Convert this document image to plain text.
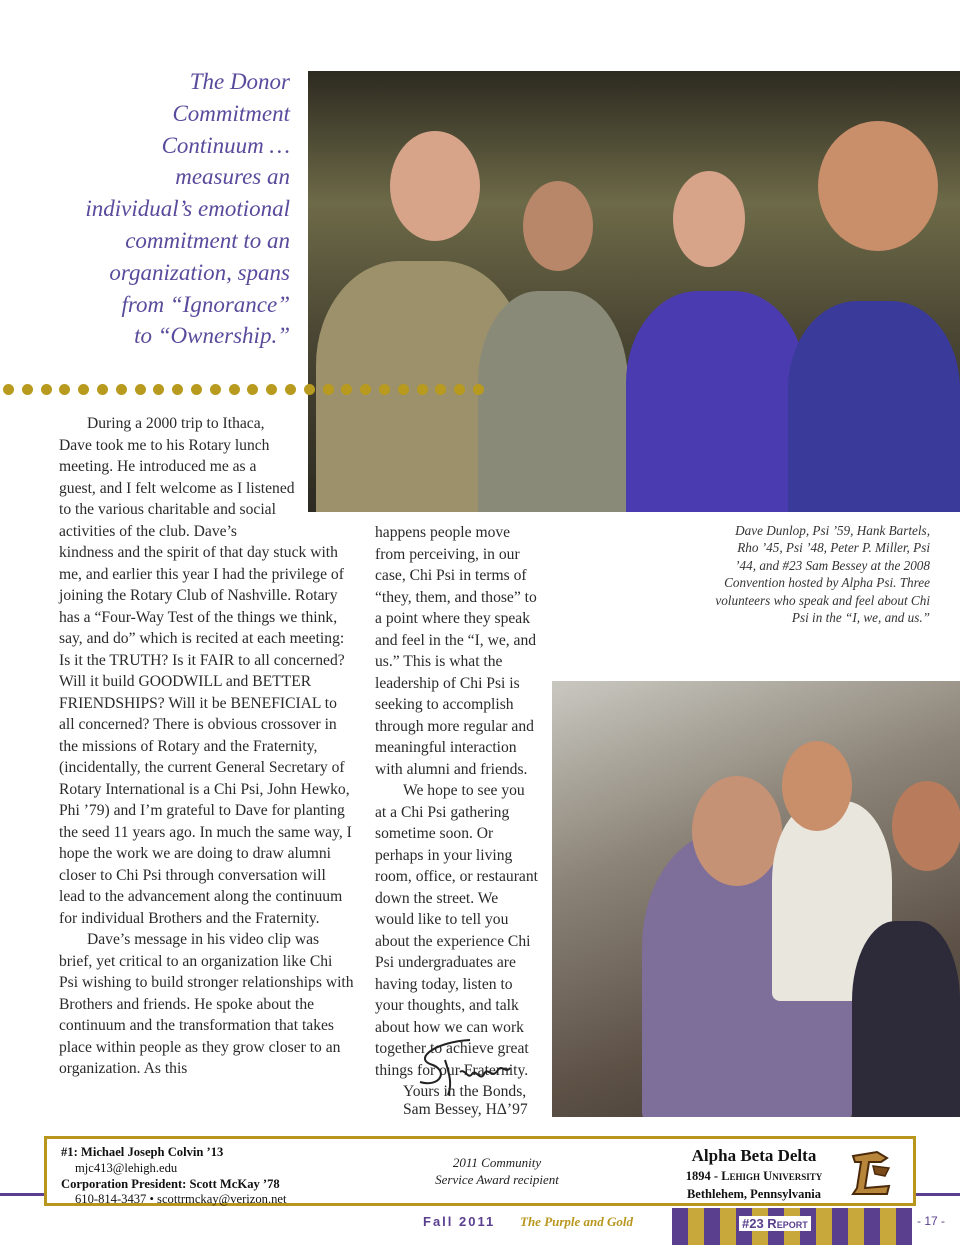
The Donor
Commitment
Continuum …
measures an
individual’s emotional
commitment to an
organization, spans
from “Ignorance”
to “Ownership.”

During a 2000 trip to Ithaca, Dave took me to his Rotary lunch meeting. He introduced me as a guest, and I felt welcome as I listened to the various charitable and social activities of the club. Dave’s kindness and the spirit of that day stuck with me, and earlier this year I had the privilege of joining the Rotary Club of Nashville. Rotary has a “Four-Way Test of the things we think, say, and do” which is recited at each meeting: Is it the TRUTH? Is it FAIR to all concerned? Will it build GOODWILL and BETTER FRIENDSHIPS? Will it be BENEFICIAL to all concerned? There is obvious crossover in the missions of Rotary and the Fraternity, (incidentally, the current General Secretary of Rotary International is a Chi Psi, John Hewko, Phi ’79) and I’m grateful to Dave for planting the seed 11 years ago. In much the same way, I hope the work we are doing to draw alumni closer to Chi Psi through conversation will lead to the advancement along the continuum for individual Brothers and the Fraternity.

Dave’s message in his video clip was brief, yet critical to an organization like Chi Psi wishing to build stronger relationships with Brothers and friends. He spoke about the continuum and the transformation that takes place within people as they grow closer to an organization. As this

happens people move from perceiving, in our case, Chi Psi in terms of “they, them, and those” to a point where they speak and feel in the “I, we, and us.” This is what the leadership of Chi Psi is seeking to accomplish through more regular and meaningful interaction with alumni and friends.

We hope to see you at a Chi Psi gathering sometime soon. Or perhaps in your living room, office, or restaurant down the street. We would like to tell you about the experience Chi Psi undergraduates are having today, listen to your thoughts, and talk about how we can work together to achieve great things for our Fraternity.

Yours in the Bonds,

Dave Dunlop, Psi ’59, Hank Bartels, Rho ’45, Psi ’48, Peter P. Miller, Psi ’44, and #23 Sam Bessey at the 2008 Convention hosted by Alpha Psi. Three volunteers who speak and feel about Chi Psi in the “I, we, and us.”
Sam Bessey, HΔ’97
#1: Michael Joseph Colvin ’13
mjc413@lehigh.edu
Corporation President: Scott McKay ’78
610-814-3437 • scottrmckay@verizon.net
2011 Community
Service Award recipient
Alpha Beta Delta
1894 - Lehigh University
Bethlehem, Pennsylvania
Fall 2011 The Purple and Gold	#23 Report	- 17 -
